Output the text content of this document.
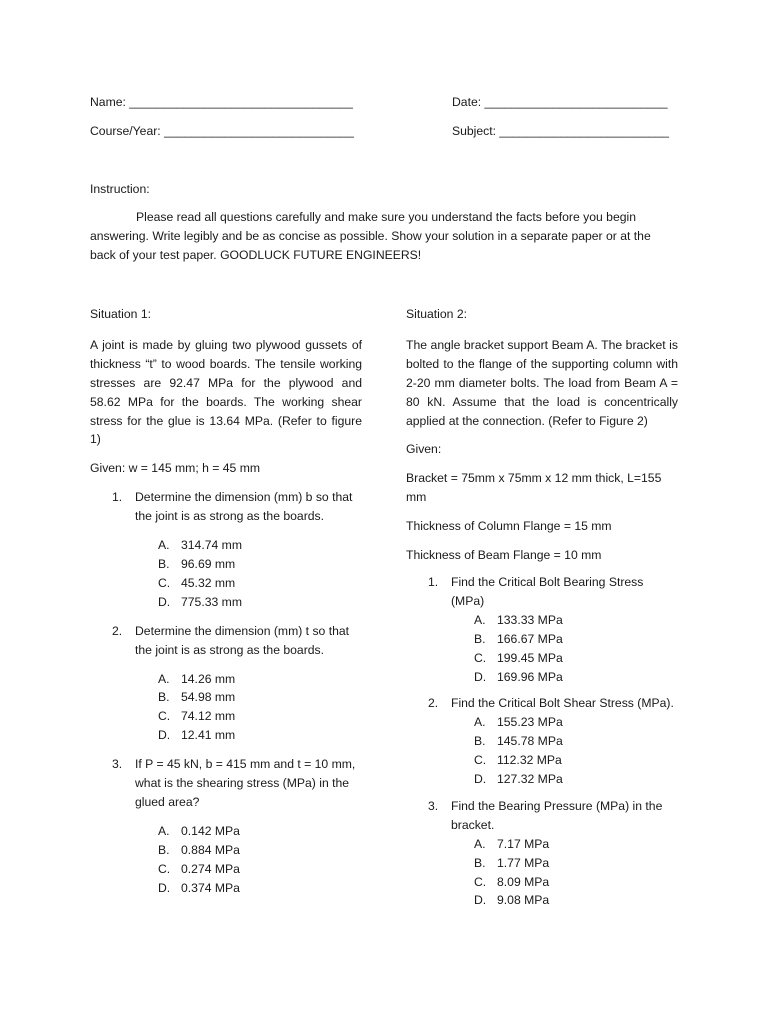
Name: _________________________________	Date: ___________________________
Course/Year: ____________________________	Subject: _________________________
Instruction:
Please read all questions carefully and make sure you understand the facts before you begin answering. Write legibly and be as concise as possible. Show your solution in a separate paper or at the back of your test paper. GOODLUCK FUTURE ENGINEERS!

Situation 1:

A joint is made by gluing two plywood gussets of thickness “t” to wood boards. The tensile working stresses are 92.47 MPa for the plywood and 58.62 MPa for the boards. The working shear stress for the glue is 13.64 MPa. (Refer to figure 1)

Given: w = 145 mm; h = 45 mm

1. Determine the dimension (mm) b so that the joint is as strong as the boards.
A. 314.74 mm
B. 96.69 mm
C. 45.32 mm
D. 775.33 mm
2. Determine the dimension (mm) t so that the joint is as strong as the boards.
A. 14.26 mm
B. 54.98 mm
C. 74.12 mm
D. 12.41 mm
3. If P = 45 kN, b = 415 mm and t = 10 mm, what is the shearing stress (MPa) in the glued area?
A. 0.142 MPa
B. 0.884 MPa
C. 0.274 MPa
D. 0.374 MPa

Situation 2:

The angle bracket support Beam A. The bracket is bolted to the flange of the supporting column with 2-20 mm diameter bolts. The load from Beam A = 80 kN. Assume that the load is concentrically applied at the connection. (Refer to Figure 2)

Given:

Bracket = 75mm x 75mm x 12 mm thick, L=155 mm

Thickness of Column Flange = 15 mm

Thickness of Beam Flange = 10 mm

1. Find the Critical Bolt Bearing Stress (MPa)
A. 133.33 MPa
B. 166.67 MPa
C. 199.45 MPa
D. 169.96 MPa
2. Find the Critical Bolt Shear Stress (MPa).
A. 155.23 MPa
B. 145.78 MPa
C. 112.32 MPa
D. 127.32 MPa
3. Find the Bearing Pressure (MPa) in the bracket.
A. 7.17 MPa
B. 1.77 MPa
C. 8.09 MPa
D. 9.08 MPa
